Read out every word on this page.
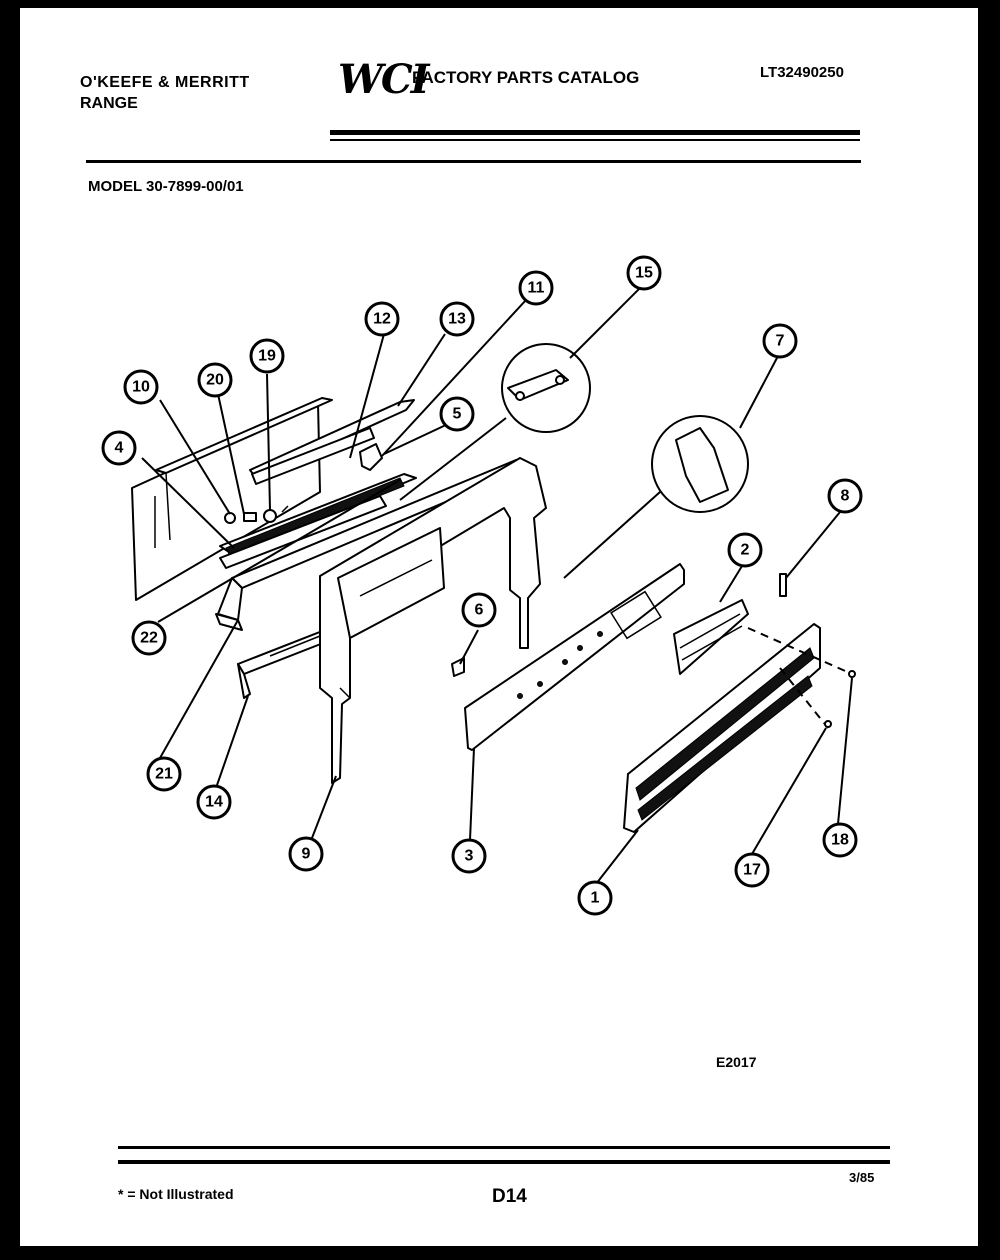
O'KEEFE & MERRITT
RANGE
WCI
FACTORY PARTS CATALOG	LT32490250
MODEL 30-7899-00/01
4
10	20
19
12	13
11
15
5
7
8
2
6
22
21
14
9	3
1
17
18
E2017
* = Not Illustrated	D14
3/85
